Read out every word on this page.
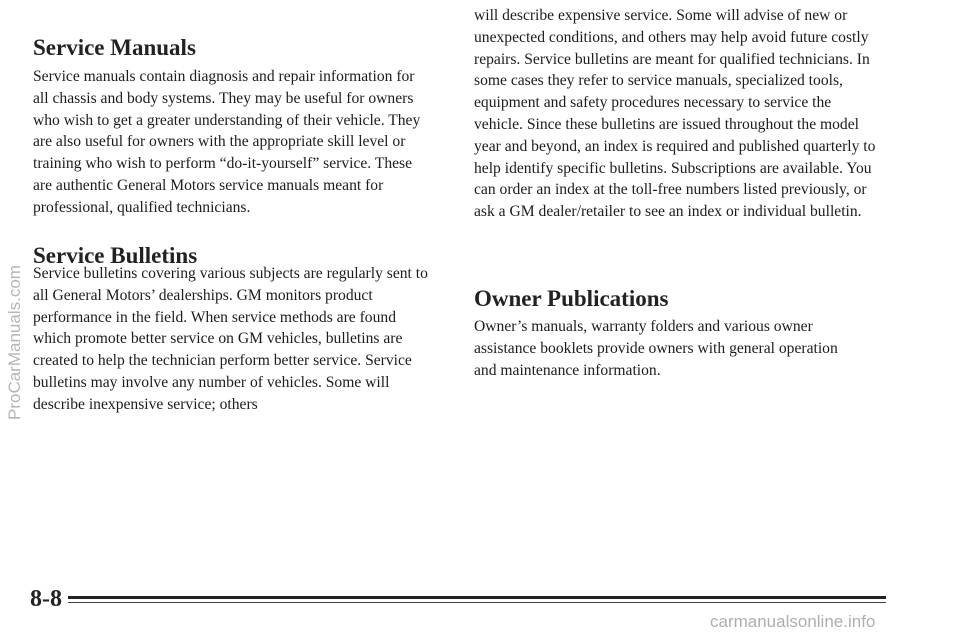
Service Manuals

Service manuals contain diagnosis and repair information for all chassis and body systems. They may be useful for owners who wish to get a greater understanding of their vehicle. They are also useful for owners with the appropriate skill level or training who wish to perform “do-it-yourself” service. These are authentic General Motors service manuals meant for professional, qualified technicians.

Service Bulletins

Service bulletins covering various subjects are regularly sent to all General Motors’ dealerships. GM monitors product performance in the field. When service methods are found which promote better service on GM vehicles, bulletins are created to help the technician perform better service. Service bulletins may involve any number of vehicles. Some will describe inexpensive service; others

will describe expensive service. Some will advise of new or unexpected conditions, and others may help avoid future costly repairs. Service bulletins are meant for qualified technicians. In some cases they refer to service manuals, specialized tools, equipment and safety procedures necessary to service the vehicle. Since these bulletins are issued throughout the model year and beyond, an index is required and published quarterly to help identify specific bulletins. Subscriptions are available. You can order an index at the toll-free numbers listed previously, or ask a GM dealer/retailer to see an index or individual bulletin.

Owner Publications

Owner’s manuals, warranty folders and various owner assistance booklets provide owners with general operation and maintenance information.

8-8
ProCarManuals.com
carmanualsonline.info
